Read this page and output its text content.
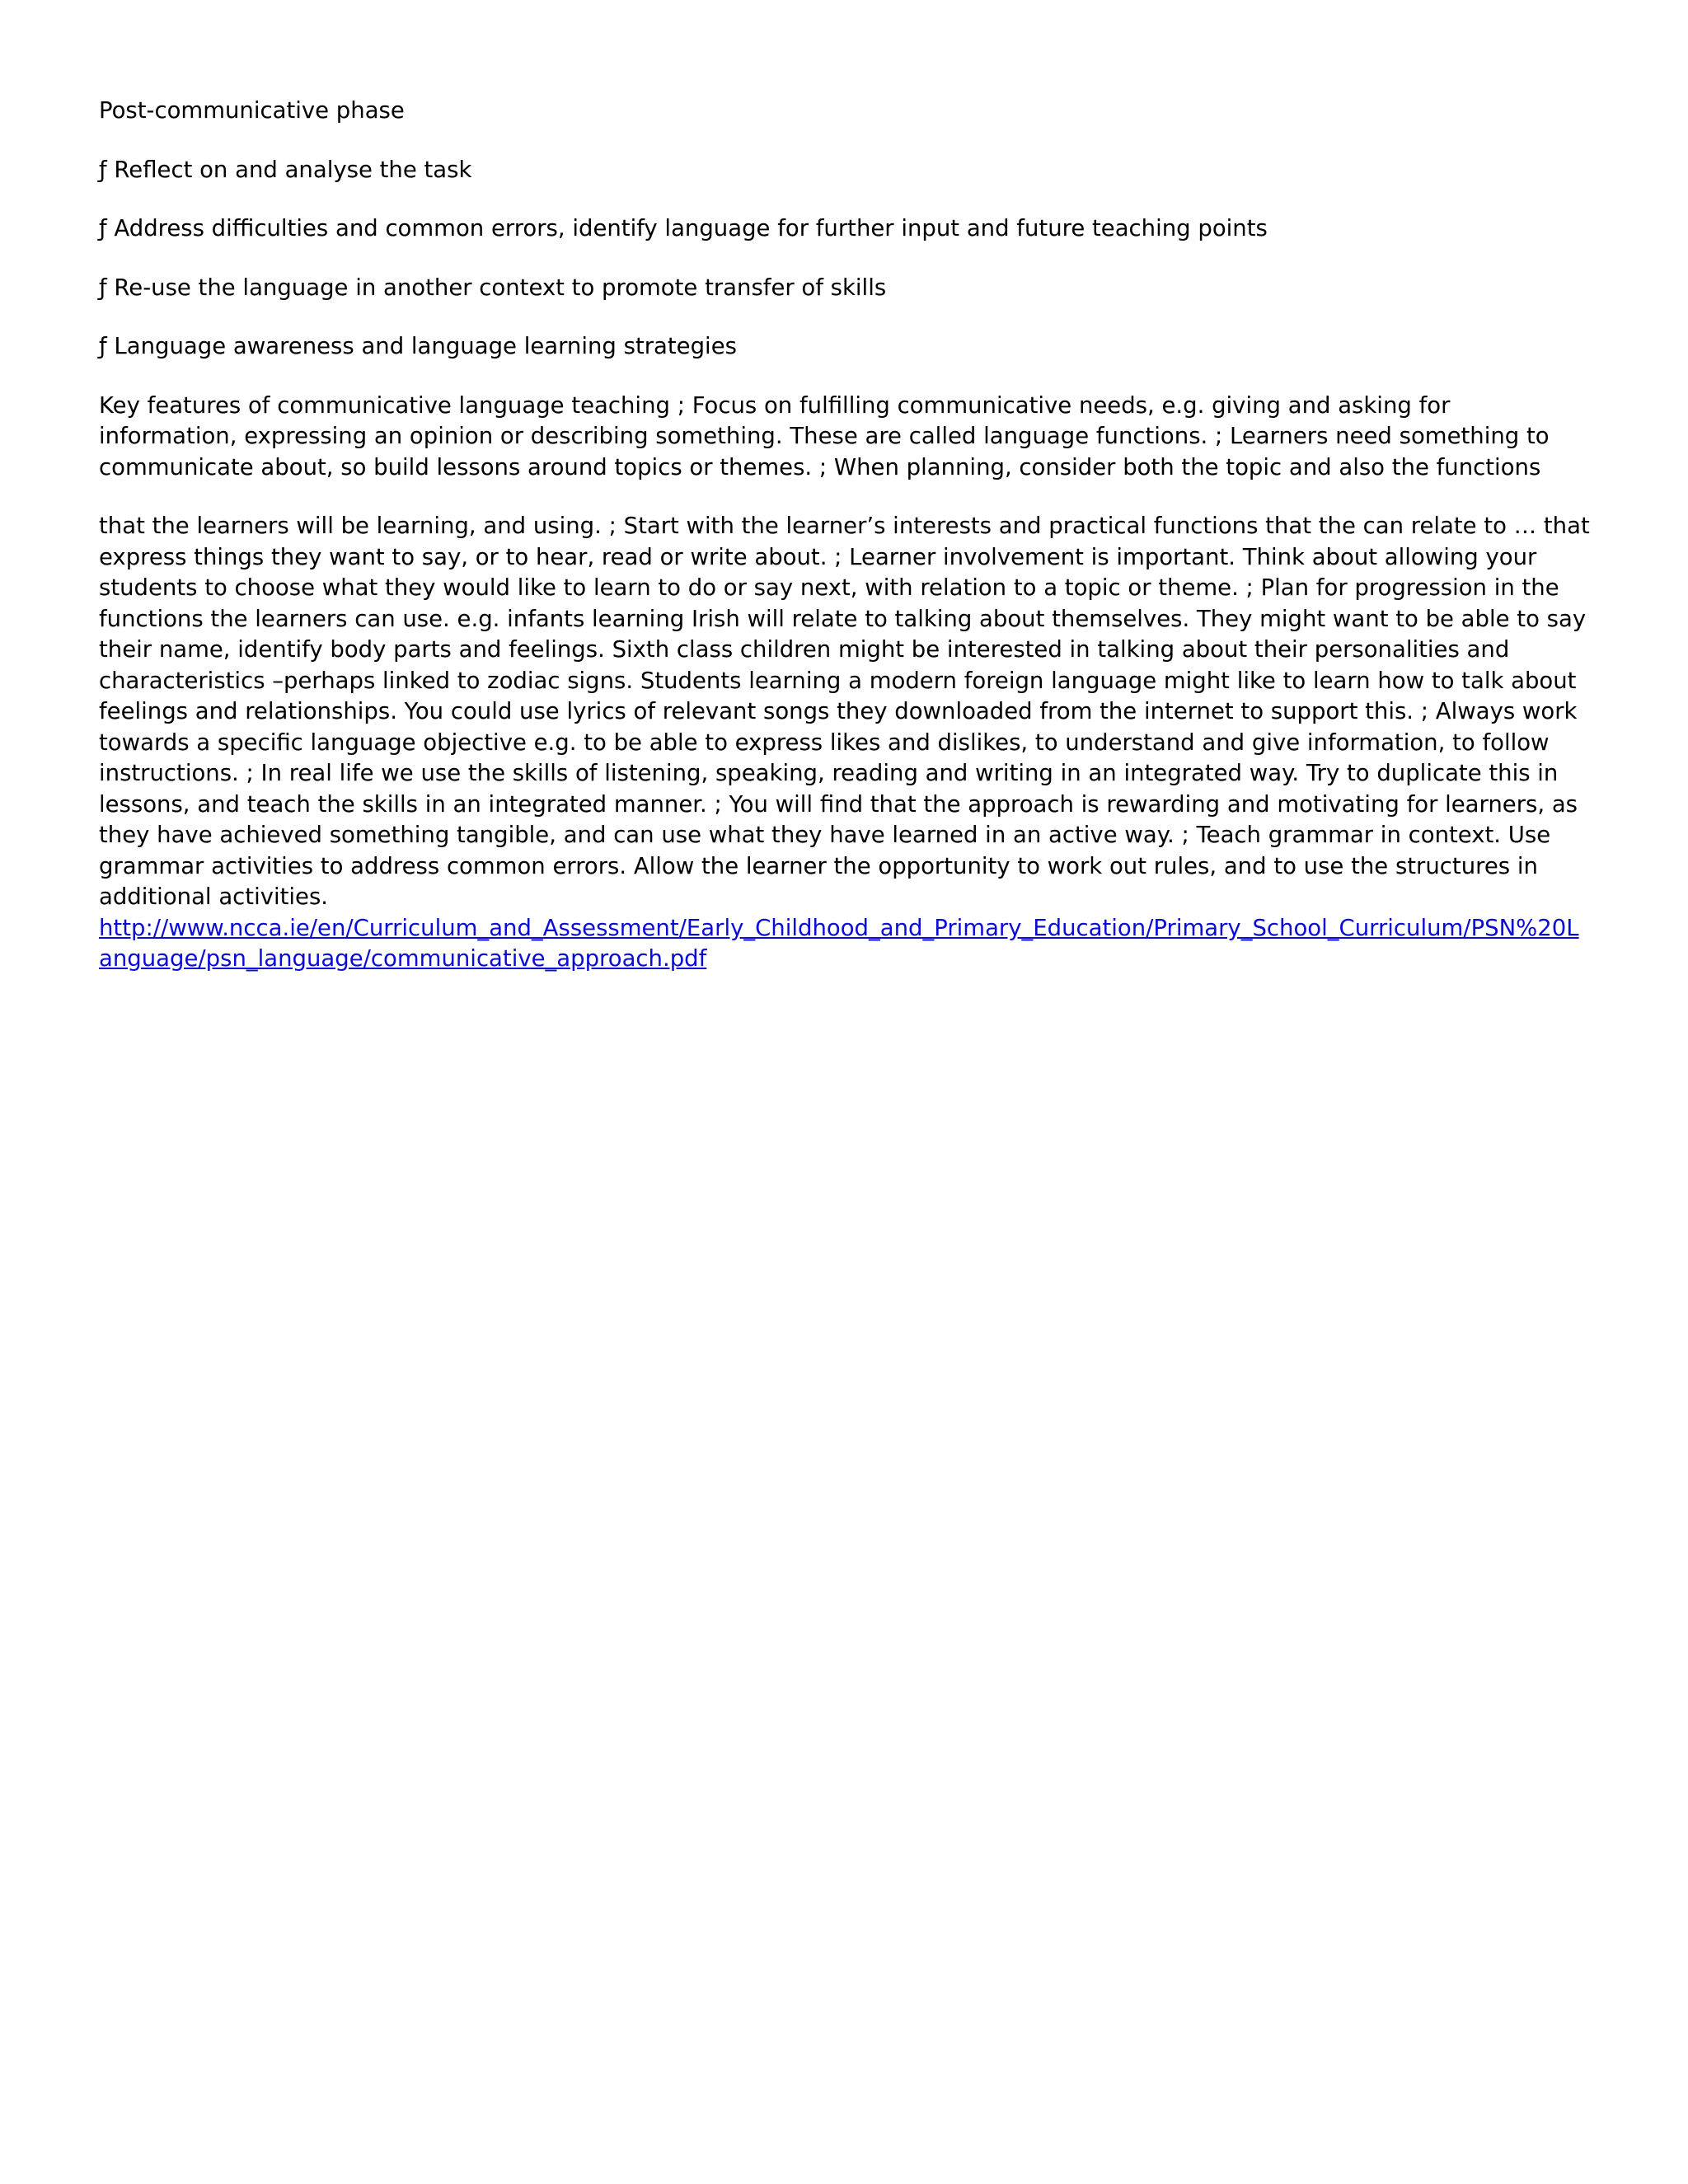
Post-communicative phase

ƒ Reflect on and analyse the task

ƒ Address difficulties and common errors, identify language for further input and future teaching points

ƒ Re-use the language in another context to promote transfer of skills

ƒ Language awareness and language learning strategies

Key features of communicative language teaching ; Focus on fulfilling communicative needs, e.g. giving and asking for information, expressing an opinion or describing something. These are called language functions. ; Learners need something to communicate about, so build lessons around topics or themes. ; When planning, consider both the topic and also the functions

that the learners will be learning, and using. ; Start with the learner’s interests and practical functions that the can relate to … that express things they want to say, or to hear, read or write about. ; Learner involvement is important. Think about allowing your students to choose what they would like to learn to do or say next, with relation to a topic or theme. ; Plan for progression in the functions the learners can use. e.g. infants learning Irish will relate to talking about themselves. They might want to be able to say their name, identify body parts and feelings. Sixth class children might be interested in talking about their personalities and characteristics –perhaps linked to zodiac signs. Students learning a modern foreign language might like to learn how to talk about feelings and relationships. You could use lyrics of relevant songs they downloaded from the internet to support this. ; Always work towards a specific language objective e.g. to be able to express likes and dislikes, to understand and give information, to follow instructions. ; In real life we use the skills of listening, speaking, reading and writing in an integrated way. Try to duplicate this in lessons, and teach the skills in an integrated manner. ; You will find that the approach is rewarding and motivating for learners, as they have achieved something tangible, and can use what they have learned in an active way. ; Teach grammar in context. Use grammar activities to address common errors. Allow the learner the opportunity to work out rules, and to use the structures in additional activities.

http://www.ncca.ie/en/Curriculum_and_Assessment/Early_Childhood_and_Primary_Education/Primary_School_Curriculum/PSN%20Language/psn_language/communicative_approach.pdf
